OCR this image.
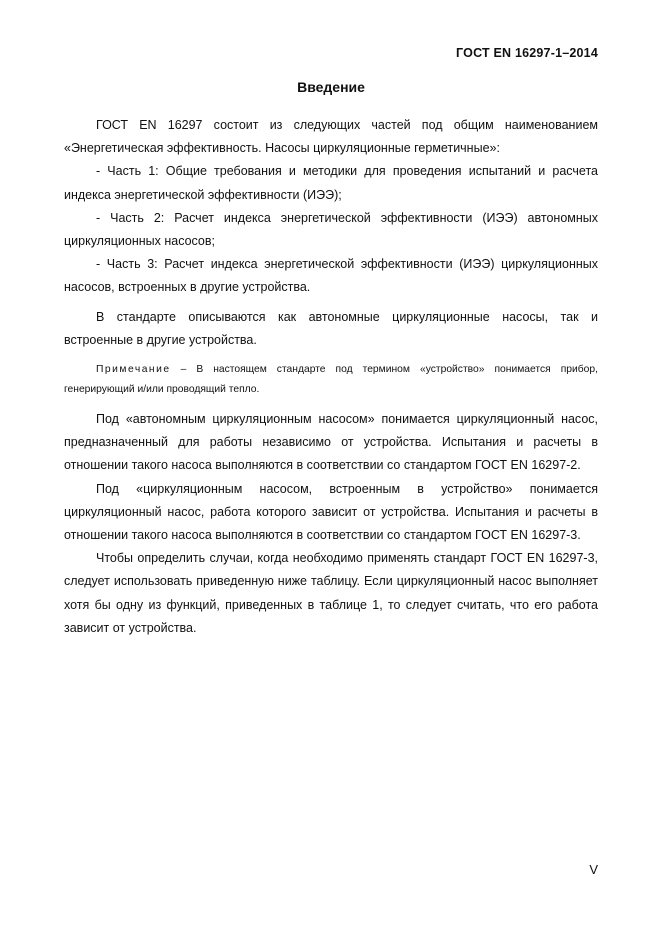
ГОСТ EN 16297-1–2014
Введение

ГОСТ EN 16297 состоит из следующих частей под общим наименованием «Энергетическая эффективность. Насосы циркуляционные герметичные»:

- Часть 1: Общие требования и методики для проведения испытаний и расчета индекса энергетической эффективности (ИЭЭ);

- Часть 2: Расчет индекса энергетической эффективности (ИЭЭ) автономных циркуляционных насосов;

- Часть 3: Расчет индекса энергетической эффективности (ИЭЭ) циркуляционных насосов, встроенных в другие устройства.

В стандарте описываются как автономные циркуляционные насосы, так и встроенные в другие устройства.

Примечание – В настоящем стандарте под термином «устройство» понимается прибор, генерирующий и/или проводящий тепло.

Под «автономным циркуляционным насосом» понимается циркуляционный насос, предназначенный для работы независимо от устройства. Испытания и расчеты в отношении такого насоса выполняются в соответствии со стандартом ГОСТ EN 16297-2.

Под «циркуляционным насосом, встроенным в устройство» понимается циркуляционный насос, работа которого зависит от устройства. Испытания и расчеты в отношении такого насоса выполняются в соответствии со стандартом ГОСТ EN 16297-3.

Чтобы определить случаи, когда необходимо применять стандарт ГОСТ EN 16297-3, следует использовать приведенную ниже таблицу. Если циркуляционный насос выполняет хотя бы одну из функций, приведенных в таблице 1, то следует считать, что его работа зависит от устройства.

V
